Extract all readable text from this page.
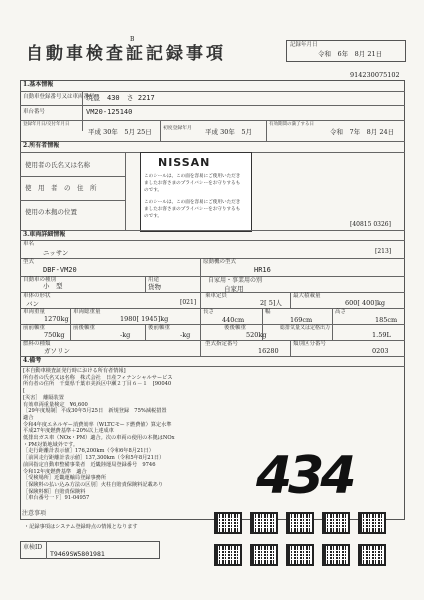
B
自動車検査証記録事項	記録年月日
令和　6年　8月 21日
914230075102
1.基本情報
自動車登録番号又は車両番号
筑豊　430　さ 2217
車台番号	VM20-125140
登録年月日/交付年月日
平成 30年　5月 25日 初度登録年月 平成 30年　5月
有効期間の満了する日
令和　7年　8月 24日
2.所有者情報
使用者の氏名又は名称
使　用　者　の　住　所
使用の本拠の位置
NISSAN
このシールは、この面を容易にご使用いただきましたお客さまのプライバシーをお守りするものです。
このシールは、この面を容易にご使用いただきましたお客さまのプライバシーをお守りするものです。
[40815 0326]
3.車両詳細情報
車名
ニッサン	[213]
型式
DBF-VM20
原動機の型式
HR16
自動車の種別
小　型
用途
貨物
自家用・事業用の別
自家用
車体の形状
バン	[021]
乗車定員
2[ 5]人
最大積載量
600[ 400]kg
車両重量
1270kg
車両総重量
1980[ 1945]kg
長さ
440cm
幅
169cm
高さ
185cm
前前軸重
750kg
前後軸重
-kg
後前軸重
-kg
後後軸重
520kg
総排気量又は定格出力
1.59L
燃料の種類
ガソリン
型式指定番号
16280
類別区分番号
0203
4.備考
[本自動車検査証発行時における所有者情報]
所有者の氏名又は名称　株式会社　日産フィナンシャルサービス
所有者の住所　千葉県千葉市美浜区中瀬２丁目６－１　[90040
[
[災害］　離隔装置
有効車両重量検定　¥6,600
［29年度規制］平成30年5月25日　新規登録　75%減税措置
適合
令和4年度エネルギー消費効率（WLTCモード燃費値）算定水準
平成27年度燃費基準＋20%以上達成車
低排出ガス車（NOx・PM）適合。次の車両の使用の本拠はNOx
・PM対策地域外です。
［走行距離計表示値］176,200km（令和6年8月21日）
［前回走行距離計表示値］137,300km（令和5年8月21日）
前回指定自動車整備事業者　近畿陸運局登録番号　9746
令和12年度燃費基準　適合
［受検場所］近畿運輸局登録事務所
［保険料の払い込み方法の区別］火柱自賠責保険料記載あり
［保険料額］自賠責保険料
［車台番号一ド］91-04957	434
注意事項
・記録事項はシステム登録時点の情報となります
車検ID
T9469SW5801981
